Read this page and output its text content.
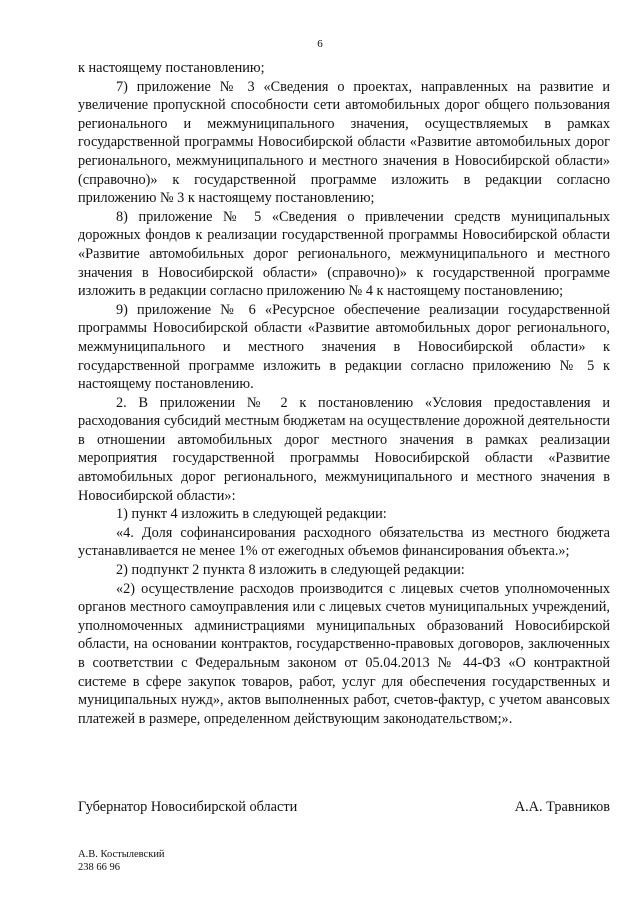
6

к настоящему постановлению;

7) приложение № 3 «Сведения о проектах, направленных на развитие и увеличение пропускной способности сети автомобильных дорог общего пользования регионального и межмуниципального значения, осуществляемых в рамках государственной программы Новосибирской области «Развитие автомобильных дорог регионального, межмуниципального и местного значения в Новосибирской области» (справочно)» к государственной программе изложить в редакции согласно приложению № 3 к настоящему постановлению;

8) приложение № 5 «Сведения о привлечении средств муниципальных дорожных фондов к реализации государственной программы Новосибирской области «Развитие автомобильных дорог регионального, межмуниципального и местного значения в Новосибирской области» (справочно)» к государственной программе изложить в редакции согласно приложению № 4 к настоящему постановлению;

9) приложение № 6 «Ресурсное обеспечение реализации государственной программы Новосибирской области «Развитие автомобильных дорог регионального, межмуниципального и местного значения в Новосибирской области» к государственной программе изложить в редакции согласно приложению № 5 к настоящему постановлению.

2. В приложении № 2 к постановлению «Условия предоставления и расходования субсидий местным бюджетам на осуществление дорожной деятельности в отношении автомобильных дорог местного значения в рамках реализации мероприятия государственной программы Новосибирской области «Развитие автомобильных дорог регионального, межмуниципального и местного значения в Новосибирской области»:

1) пункт 4 изложить в следующей редакции:

«4. Доля софинансирования расходного обязательства из местного бюджета устанавливается не менее 1% от ежегодных объемов финансирования объекта.»;

2) подпункт 2 пункта 8 изложить в следующей редакции:

«2) осуществление расходов производится с лицевых счетов уполномоченных органов местного самоуправления или с лицевых счетов муниципальных учреждений, уполномоченных администрациями муниципальных образований Новосибирской области, на основании контрактов, государственно-правовых договоров, заключенных в соответствии с Федеральным законом от 05.04.2013 № 44-ФЗ «О контрактной системе в сфере закупок товаров, работ, услуг для обеспечения государственных и муниципальных нужд», актов выполненных работ, счетов-фактур, с учетом авансовых платежей в размере, определенном действующим законодательством;».

Губернатор Новосибирской области	А.А. Травников
А.В. Костылевский
238 66 96
